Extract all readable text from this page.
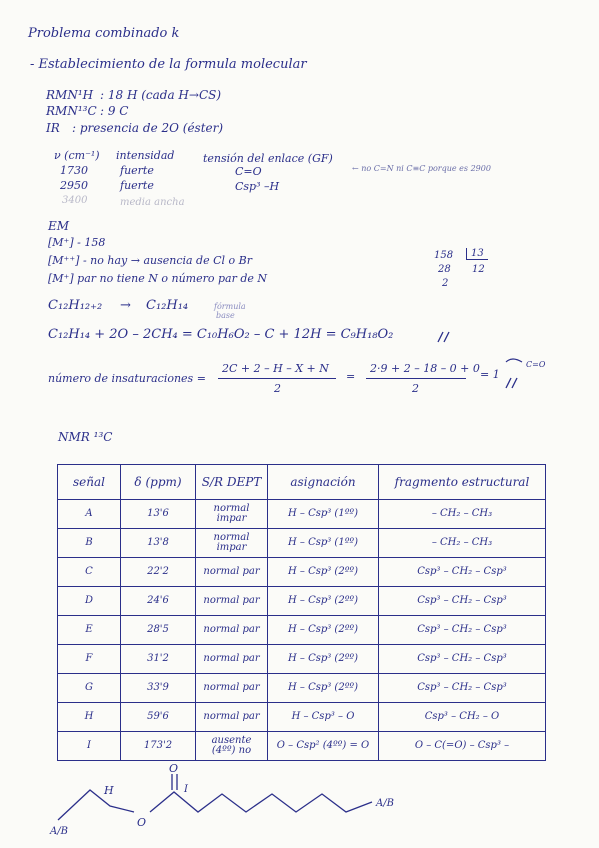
Problema combinado k
- Establecimiento de la formula molecular
RMN¹H : 18 H (cada H→CS)
RMN¹³C : 9 C
IR : presencia de 2O (éster)
ν (cm⁻¹) intensidad	tensión del enlace (GF)
1730	fuerte	C=O
2950	fuerte	Csp³ –H
3400	media ancha
← no C=N ni C≡C porque es 2900
EM
[M⁺] - 158
[M⁺⁺] - no hay → ausencia de Cl o Br
[M⁺] par no tiene N o número par de N
158
28
2
13
12
C₁₂H₁₂₊₂ → C₁₂H₁₄	fórmula
base
C₁₂H₁₄ + 2O – 2CH₄ = C₁₀H₆O₂ – C + 12H = C₉H₁₈O₂
número de insaturaciones =
2C + 2 – H – X + N
2
=
2·9 + 2 – 18 – 0 + 0
2
= 1
C=O
NMR ¹³C
señal	δ (ppm)	S/R DEPT	asignación	fragmento estructural
A	13'6	normal impar	H – Csp³ (1ºº)	– CH₂ – CH₃
B	13'8	normal impar	H – Csp³ (1ºº)	– CH₂ – CH₃
C	22'2	normal par	H – Csp³ (2ºº)	Csp³ – CH₂ – Csp³
D	24'6	normal par	H – Csp³ (2ºº)	Csp³ – CH₂ – Csp³
E	28'5	normal par	H – Csp³ (2ºº)	Csp³ – CH₂ – Csp³
F	31'2	normal par	H – Csp³ (2ºº)	Csp³ – CH₂ – Csp³
G	33'9	normal par	H – Csp³ (2ºº)	Csp³ – CH₂ – Csp³
H	59'6	normal par	H – Csp³ – O	Csp³ – CH₂ – O
I	173'2	ausente (4ºº) no	O – Csp² (4ºº) = O	O – C(=O) – Csp³ –
H
O
O
I
A/B
A/B
